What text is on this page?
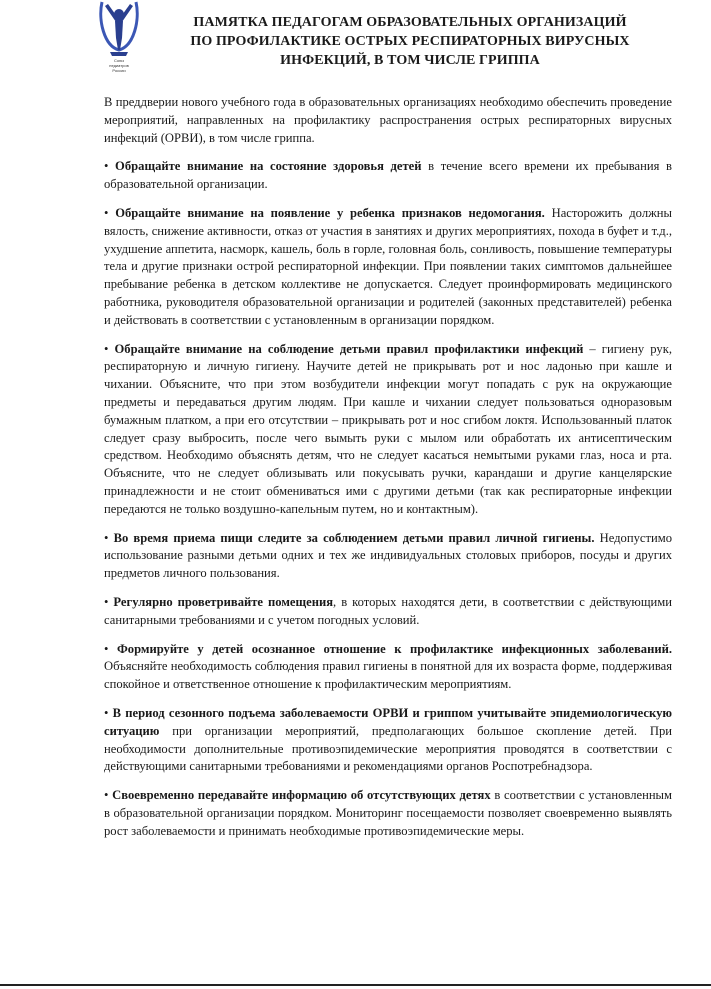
Союз
педиатров
России
ПАМЯТКА ПЕДАГОГАМ ОБРАЗОВАТЕЛЬНЫХ ОРГАНИЗАЦИЙ
ПО ПРОФИЛАКТИКЕ ОСТРЫХ РЕСПИРАТОРНЫХ ВИРУСНЫХ
ИНФЕКЦИЙ, В ТОМ ЧИСЛЕ ГРИППА

В преддверии нового учебного года в образовательных организациях необходимо обеспечить проведение мероприятий, направленных на профилактику распространения острых респираторных вирусных инфекций (ОРВИ), в том числе гриппа.

• Обращайте внимание на состояние здоровья детей в течение всего времени их пребывания в образовательной организации.

• Обращайте внимание на появление у ребенка признаков недомогания. Насторожить должны вялость, снижение активности, отказ от участия в занятиях и других мероприятиях, похода в буфет и т.д., ухудшение аппетита, насморк, кашель, боль в горле, головная боль, сонливость, повышение температуры тела и другие признаки острой респираторной инфекции. При появлении таких симптомов дальнейшее пребывание ребенка в детском коллективе не допускается. Следует проинформировать медицинского работника, руководителя образовательной организации и родителей (законных представителей) ребенка и действовать в соответствии с установленным в организации порядком.

• Обращайте внимание на соблюдение детьми правил профилактики инфекций – гигиену рук, респираторную и личную гигиену. Научите детей не прикрывать рот и нос ладонью при кашле и чихании. Объясните, что при этом возбудители инфекции могут попадать с рук на окружающие предметы и передаваться другим людям. При кашле и чихании следует пользоваться одноразовым бумажным платком, а при его отсутствии – прикрывать рот и нос сгибом локтя. Использованный платок следует сразу выбросить, после чего вымыть руки с мылом или обработать их антисептическим средством. Необходимо объяснять детям, что не следует касаться немытыми руками глаз, носа и рта. Объясните, что не следует облизывать или покусывать ручки, карандаши и другие канцелярские принадлежности и не стоит обмениваться ими с другими детьми (так как респираторные инфекции передаются не только воздушно-капельным путем, но и контактным).

• Во время приема пищи следите за соблюдением детьми правил личной гигиены. Недопустимо использование разными детьми одних и тех же индивидуальных столовых приборов, посуды и других предметов личного пользования.

• Регулярно проветривайте помещения, в которых находятся дети, в соответствии с действующими санитарными требованиями и с учетом погодных условий.

• Формируйте у детей осознанное отношение к профилактике инфекционных заболеваний. Объясняйте необходимость соблюдения правил гигиены в понятной для их возраста форме, поддерживая спокойное и ответственное отношение к профилактическим мероприятиям.

• В период сезонного подъема заболеваемости ОРВИ и гриппом учитывайте эпидемиологическую ситуацию при организации мероприятий, предполагающих большое скопление детей. При необходимости дополнительные противоэпидемические мероприятия проводятся в соответствии с действующими санитарными требованиями и рекомендациями органов Роспотребнадзора.

• Своевременно передавайте информацию об отсутствующих детях в соответствии с установленным в образовательной организации порядком. Мониторинг посещаемости позволяет своевременно выявлять рост заболеваемости и принимать необходимые противоэпидемические меры.
